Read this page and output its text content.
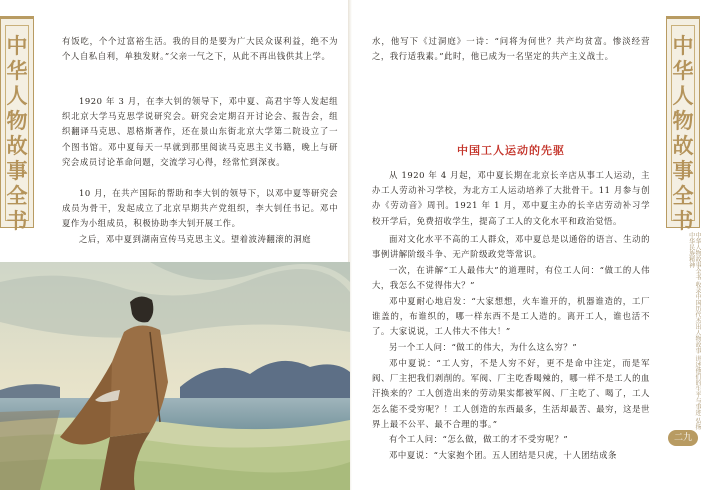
中华人物故事全书
中华人物故事全书
中华人物故事全书 收录中国历代杰出人物故事 讲述他们的生平与事迹 弘扬中华民族精神
二九

有饭吃，个个过富裕生活。我的目的是要为广大民众谋利益，绝不为个人自私自利，单独发财。”父亲一气之下，从此不再出钱供其上学。

1920 年 3 月，在李大钊的领导下，邓中夏、高君宇等人发起组织北京大学马克思学说研究会。研究会定期召开讨论会、报告会，组织翻译马克思、恩格斯著作，还在景山东街北京大学第二院设立了一个图书馆。邓中夏每天一早就到那里阅读马克思主义书籍，晚上与研究会成员讨论革命问题，交流学习心得，经常忙到深夜。

10 月，在共产国际的帮助和李大钊的领导下，以邓中夏等研究会成员为骨干，发起成立了北京早期共产党组织，李大钊任书记。邓中夏作为小组成员，积极协助李大钊开展工作。

之后，邓中夏到湖南宣传马克思主义。望着波涛翻滚的洞庭

水，他写下《过洞庭》一诗：“问将为何世？共产均贫富。惨淡经营之，我行适我素。”此时，他已成为一名坚定的共产主义战士。

中国工人运动的先驱

从 1920 年 4 月起，邓中夏长期在北京长辛店从事工人运动，主办工人劳动补习学校，为北方工人运动培养了大批骨干。11 月参与创办《劳动音》周刊。1921 年 1 月，邓中夏主办的长辛店劳动补习学校开学后，免费招收学生，提高了工人的文化水平和政治觉悟。

面对文化水平不高的工人群众，邓中夏总是以通俗的语言、生动的事例讲解阶级斗争、无产阶级政党等常识。

一次，在讲解“工人最伟大”的道理时，有位工人问：“做工的人伟大，我怎么不觉得伟大？”

邓中夏耐心地启发：“大家想想，火车谁开的，机器谁造的，工厂谁盖的，布谁织的，哪一样东西不是工人造的。离开工人，谁也活不了。大家说说，工人伟大不伟大！”

另一个工人问：“做工的伟大，为什么这么穷？”

邓中夏说：“工人穷，不是人穷不好，更不是命中注定，而是军阀、厂主把我们剥削的。军阀、厂主吃香喝辣的，哪一样不是工人的血汗换来的？工人创造出来的劳动果实都被军阀、厂主吃了、喝了，工人怎么能不受穷呢？！工人创造的东西最多，生活却最苦、最穷，这是世界上最不公平、最不合理的事。”

有个工人问：“怎么做，做工的才不受穷呢？”

邓中夏说：“大家抱个团。五人团结是只虎，十人团结成条
